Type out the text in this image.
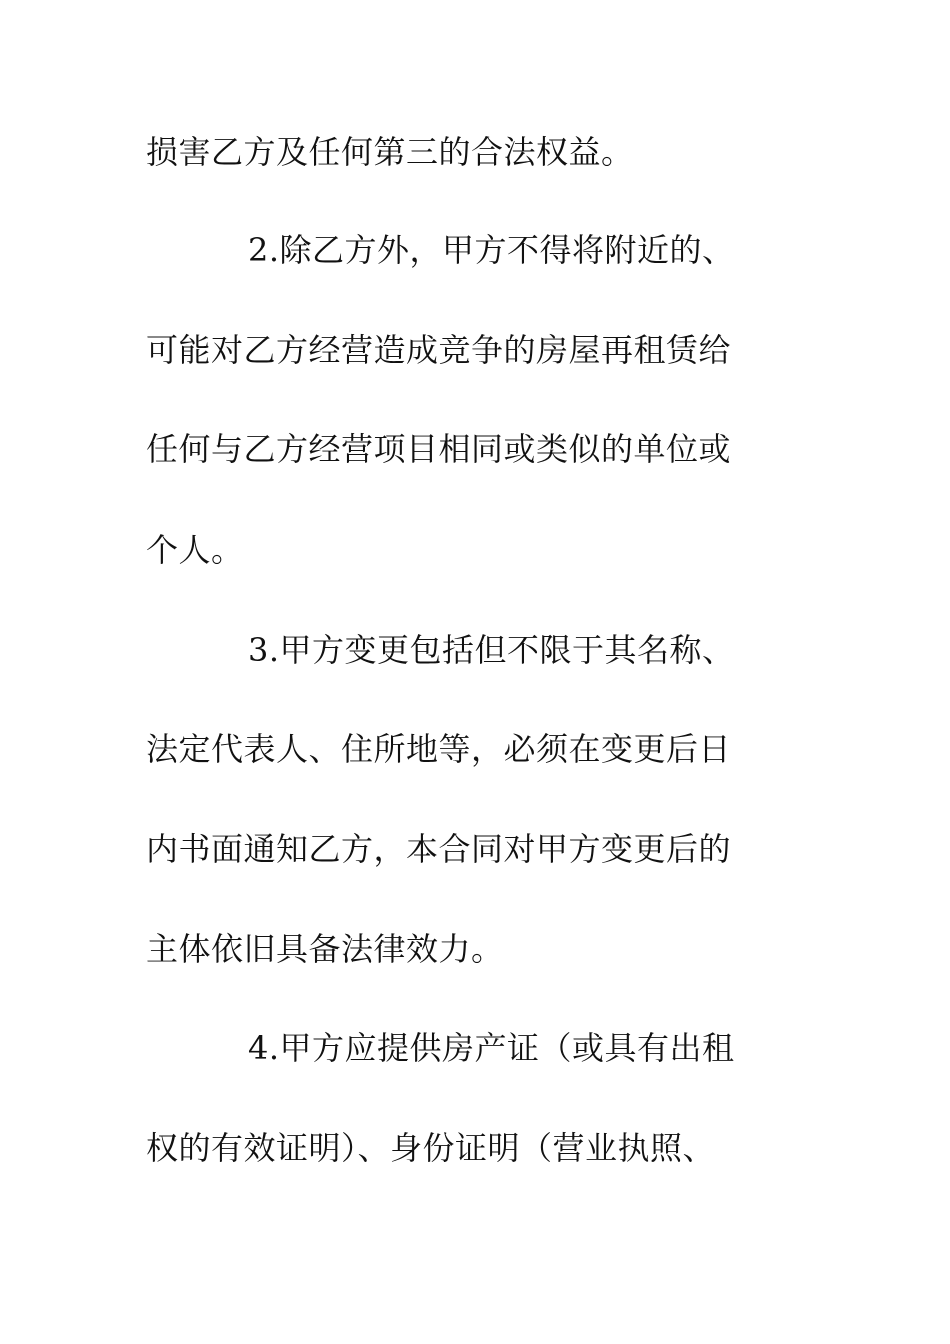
损害乙方及任何第三的合法权益。
2.除乙方外，甲方不得将附近的、
可能对乙方经营造成竞争的房屋再租赁给
任何与乙方经营项目相同或类似的单位或
个人。
3.甲方变更包括但不限于其名称、
法定代表人、住所地等，必须在变更后日
内书面通知乙方，本合同对甲方变更后的
主体依旧具备法律效力。
4.甲方应提供房产证（或具有出租
权的有效证明）、身份证明（营业执照、
